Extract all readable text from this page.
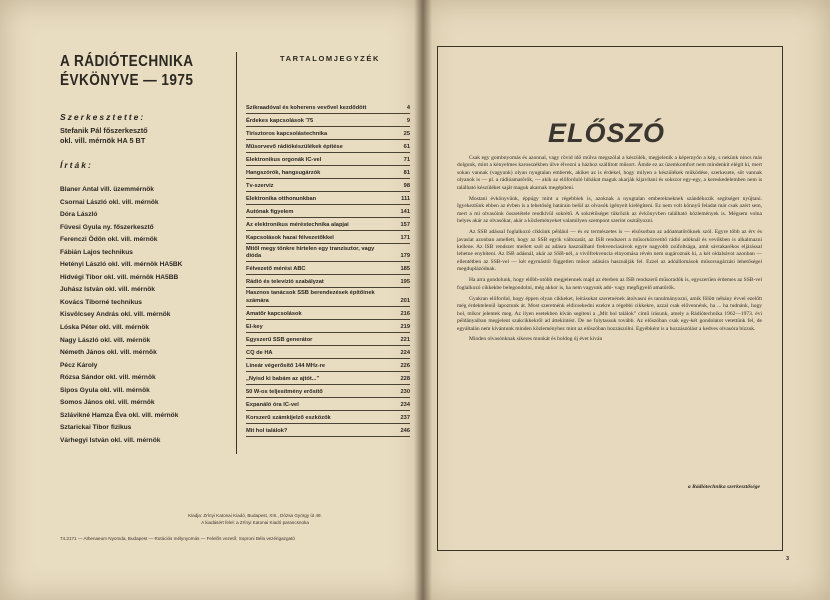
A RÁDIÓTECHNIKA
ÉVKÖNYVE — 1975
Szerkesztette:
Stefanik Pál főszerkesztő
okl. vill. mérnök HA 5 BT
Írták:
Blaner Antal vill. üzemmérnök
Csornai László okl. vill. mérnök
Dóra László
Füvesi Gyula ny. főszerkesztő
Ferenczi Ödön okl. vill. mérnök
Fábián Lajos technikus
Hetényi László okl. vill. mérnök HA5BK
Hidvégi Tibor okl. vill. mérnök HA5BB
Juhász István okl. vill. mérnök
Kovács Tiborné technikus
Kisvölcsey András okl. vill. mérnök
Lóska Péter okl. vill. mérnök
Nagy László okl. vill. mérnök
Németh János okl. vill. mérnök
Pécz Károly
Rózsa Sándor okl. vill. mérnök
Sipos Gyula okl. vill. mérnök
Somos János okl. vill. mérnök
Szlávikné Hamza Éva okl. vill. mérnök
Sztarickai Tibor fizikus
Várhegyi István okl. vill. mérnök
TARTALOMJEGYZÉK
Szikraadóval és koherens vevővel kezdődött	4
Érdekes kapcsolások '75	9
Tirisztoros kapcsolástechnika	25
Műsorvevő rádiókészülékek építése	61
Elektronikus orgonák IC-vel	71
Hangszórók, hangsugárzók	81
Tv-szerviz	98
Elektronika otthonunkban	111
Autónak figyelem	141
Az elektronikus méréstechnika alapjai	157
Kapcsolások hazai félvezetőkkel	171
Mitől megy tönkre hirtelen egy tranzisztor, vagy dióda	179
Félvezető mérési ABC	185
Rádió és televízió szabályzat	195
Hasznos tanácsok SSB berendezések építőinek számára	201
Amatőr kapcsolások	216
El-key	219
Egyszerű SSB generátor	221
CQ de HA	224
Lineár végerősítő 144 MHz-re	226
„Nyisd ki babám az ajtót...”	228
50 W-os teljesítmény erősítő	230
Expanáló óra IC-vel	234
Korszerű számkijelző eszközök	237
Mit hol találok?	246
Kiadja: Zrínyi Katonai Kiadó, Budapest, XIII., Dózsa György út 49.
A kiadásért felel: a Zrínyi Katonai Kiadó parancsnoka
74.2171 — Athenaeum Nyomda, Budapest — Rotációs mélynyomás — Felelős vezető: Soproni Béla vezérigazgató
ELŐSZÓ

Csak egy gombnyomás és azonnal, vagy rövid idő múlva megszólal a készülék, megjelenik a képernyőn a kép, s nekünk nincs más dolgunk, mint a kényelmes karosszékben ülve élvezni a házhoz szállított műsort. Ámde ez az üzemkomfort nem mindenkit elégít ki, mert sokan vannak (vagyunk) olyan nyugtalan emberek, akiket az is érdekel, hogy milyen a készülékek működése, szerkezete, sőt vannak olyanok is — pl. a rádióamatőrök, — akik az előforduló hibákat maguk akarják kijavítani és sokszor egy-egy, a kereskedelemben nem is található készüléket saját maguk akarnak megépíteni.

Mostani évkönyvünk, éppúgy mint a régebbiek is, azoknak a nyugtalan emberekneknek szándékozik segítséget nyújtani. Igyekeztünk ebben az évben is a lehetőség határain belül az olvasók igényeit kielégíteni. Ez nem volt könnyű feladat már csak azért sem, mert a mi olvasóink összetétele rendkívül sokrétű. A sokrétűséget tükrözik az évkönyvben található közlemények is. Mégsem volna helyes akár az olvasókat, akár a közleményeket valamilyen szempont szerint osztályozni.

Az SSB adással foglalkozó cikkünk például — és ez természetes is — elsősorban az adóamatőröknek szól. Egyre több az érv és javaslat azonban amellett, hogy az SSB egyik változatát, az ISB rendszert a műsorközvetítő rádió adóknál és vevőkben is alkalmazni kellene. Az ISB rendszer mellett szól az adásra használható frekvenciasávok egyre nagyobb zsúfoltsága, amit sávtakarékos eljárással lehetne enyhíteni. Az ISB adásnál, akár az SSB-nél, a vivőfrekvencia elnyomása révén nem sugároznak ki, a két oldalsávot azonban — ellentétben az SSB-vel — két egymástól független műsor adására használják fel. Ezzel az adóállomások műsorsugárzási lehetőségei megduplázódnak.

Ha arra gondolunk, hogy előbb-utóbb megjelennek majd az éterben az ISB rendszerű műsoradók is, egyszerűen érdemes az SSB-vel foglalkozó cikkekbe belegondolni, még akkor is, ha nem vagyunk adó- vagy megfigyelő amatőrök.

Gyakran előfordul, hogy éppen olyan cikkeket, leírásokat szeretnének átolvasni és tanulmányozni, amik fölött néhány évvel ezelőtt még érdektelenül lapoztunk át. Most szeretnénk eldicsekedni ezekre a régebbi cikkekre, azzal csak elővennénk, ha ... ha tudnánk, hogy hol, mikor jelentek meg. Az ilyen esetekben kíván segíteni a „Mit hol találok” című írásunk, amely a Rádiótechnika 1962—1973. évi példányaiban megjelent szakcikkekről ad áttekintést. De ne folytassuk tovább. Az előszóban csak egy-két gondolatot vetettünk fel, de egyáltalán nem kívántunk minden közleményhez mint az előszóban hozzászólni. Egyébként is a hozzászólást a kedves olvasóra bízzuk.

Minden olvasónknak sikeres munkát és boldog új évet kíván

a Rádiótechnika szerkesztősége
3
